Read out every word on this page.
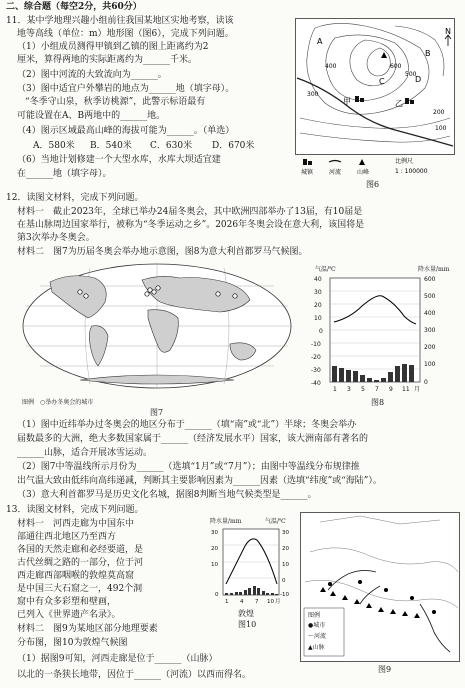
二、综合题（每空2分，共60分）
11．某中学地理兴趣小组前往我国某地区实地考察，读该
地等高线（单位：m）地形图（图6），完成下列问题。
（1）小组成员测得甲镇到乙镇的图上距离约为2
厘米，算得两地的实际距离约为______千米。
（2）图中河流的大致流向为______。
（3）图中适宜户外攀岩的地点为______地（填字母）。
“冬季守山泉，秋季访桃源”，此警示标语最有
可能设置在A、B两地中的______地。
（4）图示区域最高山峰的海拔可能为______。（单选）
A．580米 B．540米 C．630米 D．670米
（6）当地计划修建一个大型水库，水库大坝适宜建
在______地（填字母）。
N
A
B
C	D
甲	乙
600
500
400
300
200
100
城镇	河流	山峰
比例尺
1 : 100000
图6
12．读图文材料，完成下列问题。
材料一　截止2023年，全球已举办24届冬奥会，其中欧洲四部举办了13届，有10届是
在基山脉周边国家举行，被称为“冬季运动之乡”。2026年冬奥会设在意大利，该国将是
第3次举办冬奥会。
材料二　图7为历届冬奥会举办地示意图，图8为意大利首都罗马气候图。
图例　○举办冬奥会的城市
图7
气温/℃	降水量/mm
40
30
20
10
0
-10
-20
-30
-40
600
500
400
300
200
100
0
1 3 5 7 9 11 月
图8
（1）图中近纬举办过冬奥会的地区分布于______（填“南”或“北”）半球；冬奥会举办
届数最多的大洲，绝大多数国家属于______（经济发展水平）国家，该大洲南部有著名的
______山脉，适合开展冰雪运动。
（2）图7中等温线所示月份为______（选填“1月”或“7月”）；由图中等温线分布规律推
出气温大致由低纬向高纬递减，判断其主要影响因素为______因素（选填“纬度”或“海陆”）。
（3）意大利首都罗马是历史文化名城，据图8判断当地气候类型是______。
13．读图文材料，完成下列问题。
材料一　河西走廊为中国东中
部通往西北地区乃至西方
各国的天然走廊和必经要道，是
古代丝绸之路的一部分，位于河
西走廊西部咽喉的敦煌莫高窟
是中国三大石窟之一，492个洞
窟中有众多彩塑和壁画，
已列入《世界遗产名录》。
材料二　图9为某地区部分地理要素
分布图，图10为敦煌气候图
（1）据图9可知，河西走廊是位于______（山脉）
以北的一条狭长地带，因位于______（河流）以西而得名。
降水量/mm	气温/℃
30
20
10
0
30
20
10
0
-10
1 4 7 10 月
敦煌
图10
图例
●城市
～河流
▲山脉
图9
